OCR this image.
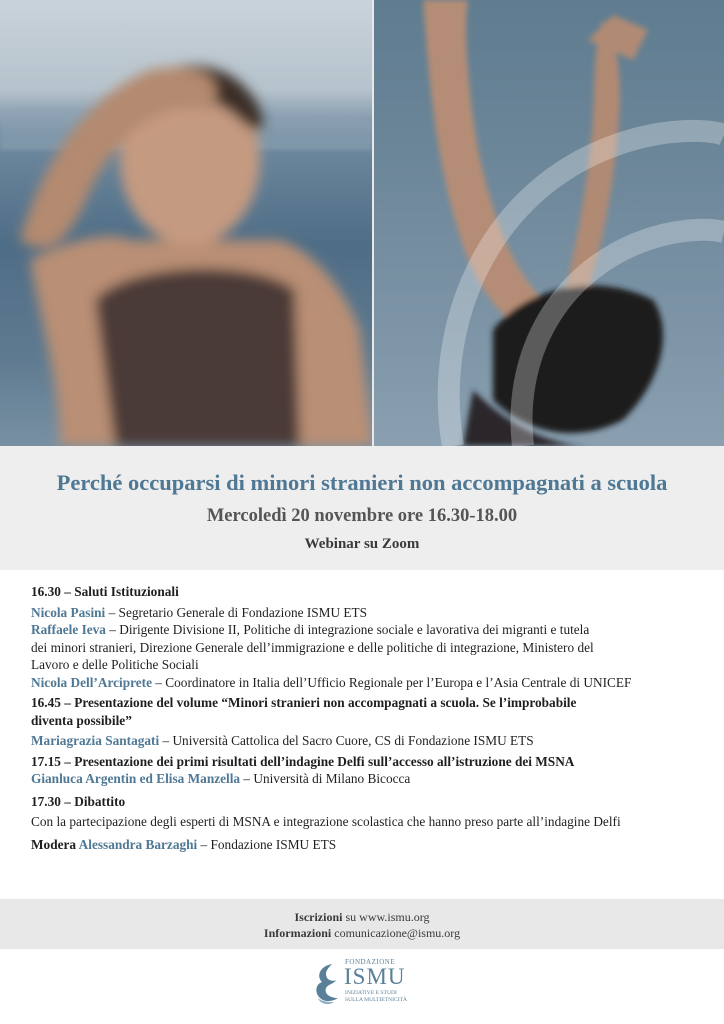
Perché occuparsi di minori stranieri non accompagnati a scuola
Mercoledì 20 novembre ore 16.30-18.00
Webinar su Zoom
16.30 – Saluti Istituzionali
Nicola Pasini – Segretario Generale di Fondazione ISMU ETS
Raffaele Ieva – Dirigente Divisione II, Politiche di integrazione sociale e lavorativa dei migranti e tutela
dei minori stranieri, Direzione Generale dell’immigrazione e delle politiche di integrazione, Ministero del
Lavoro e delle Politiche Sociali
Nicola Dell’Arciprete – Coordinatore in Italia dell’Ufficio Regionale per l’Europa e l’Asia Centrale di UNICEF
16.45 – Presentazione del volume “Minori stranieri non accompagnati a scuola. Se l’improbabile
diventa possibile”
Mariagrazia Santagati – Università Cattolica del Sacro Cuore, CS di Fondazione ISMU ETS
17.15 – Presentazione dei primi risultati dell’indagine Delfi sull’accesso all’istruzione dei MSNA
Gianluca Argentin ed Elisa Manzella – Università di Milano Bicocca
17.30 – Dibattito
Con la partecipazione degli esperti di MSNA e integrazione scolastica che hanno preso parte all’indagine Delfi
Modera Alessandra Barzaghi – Fondazione ISMU ETS
Iscrizioni su www.ismu.org
Informazioni comunicazione@ismu.org
FONDAZIONE
ISMU
INIZIATIVE E STUDI
SULLA MULTIETNICITÀ
